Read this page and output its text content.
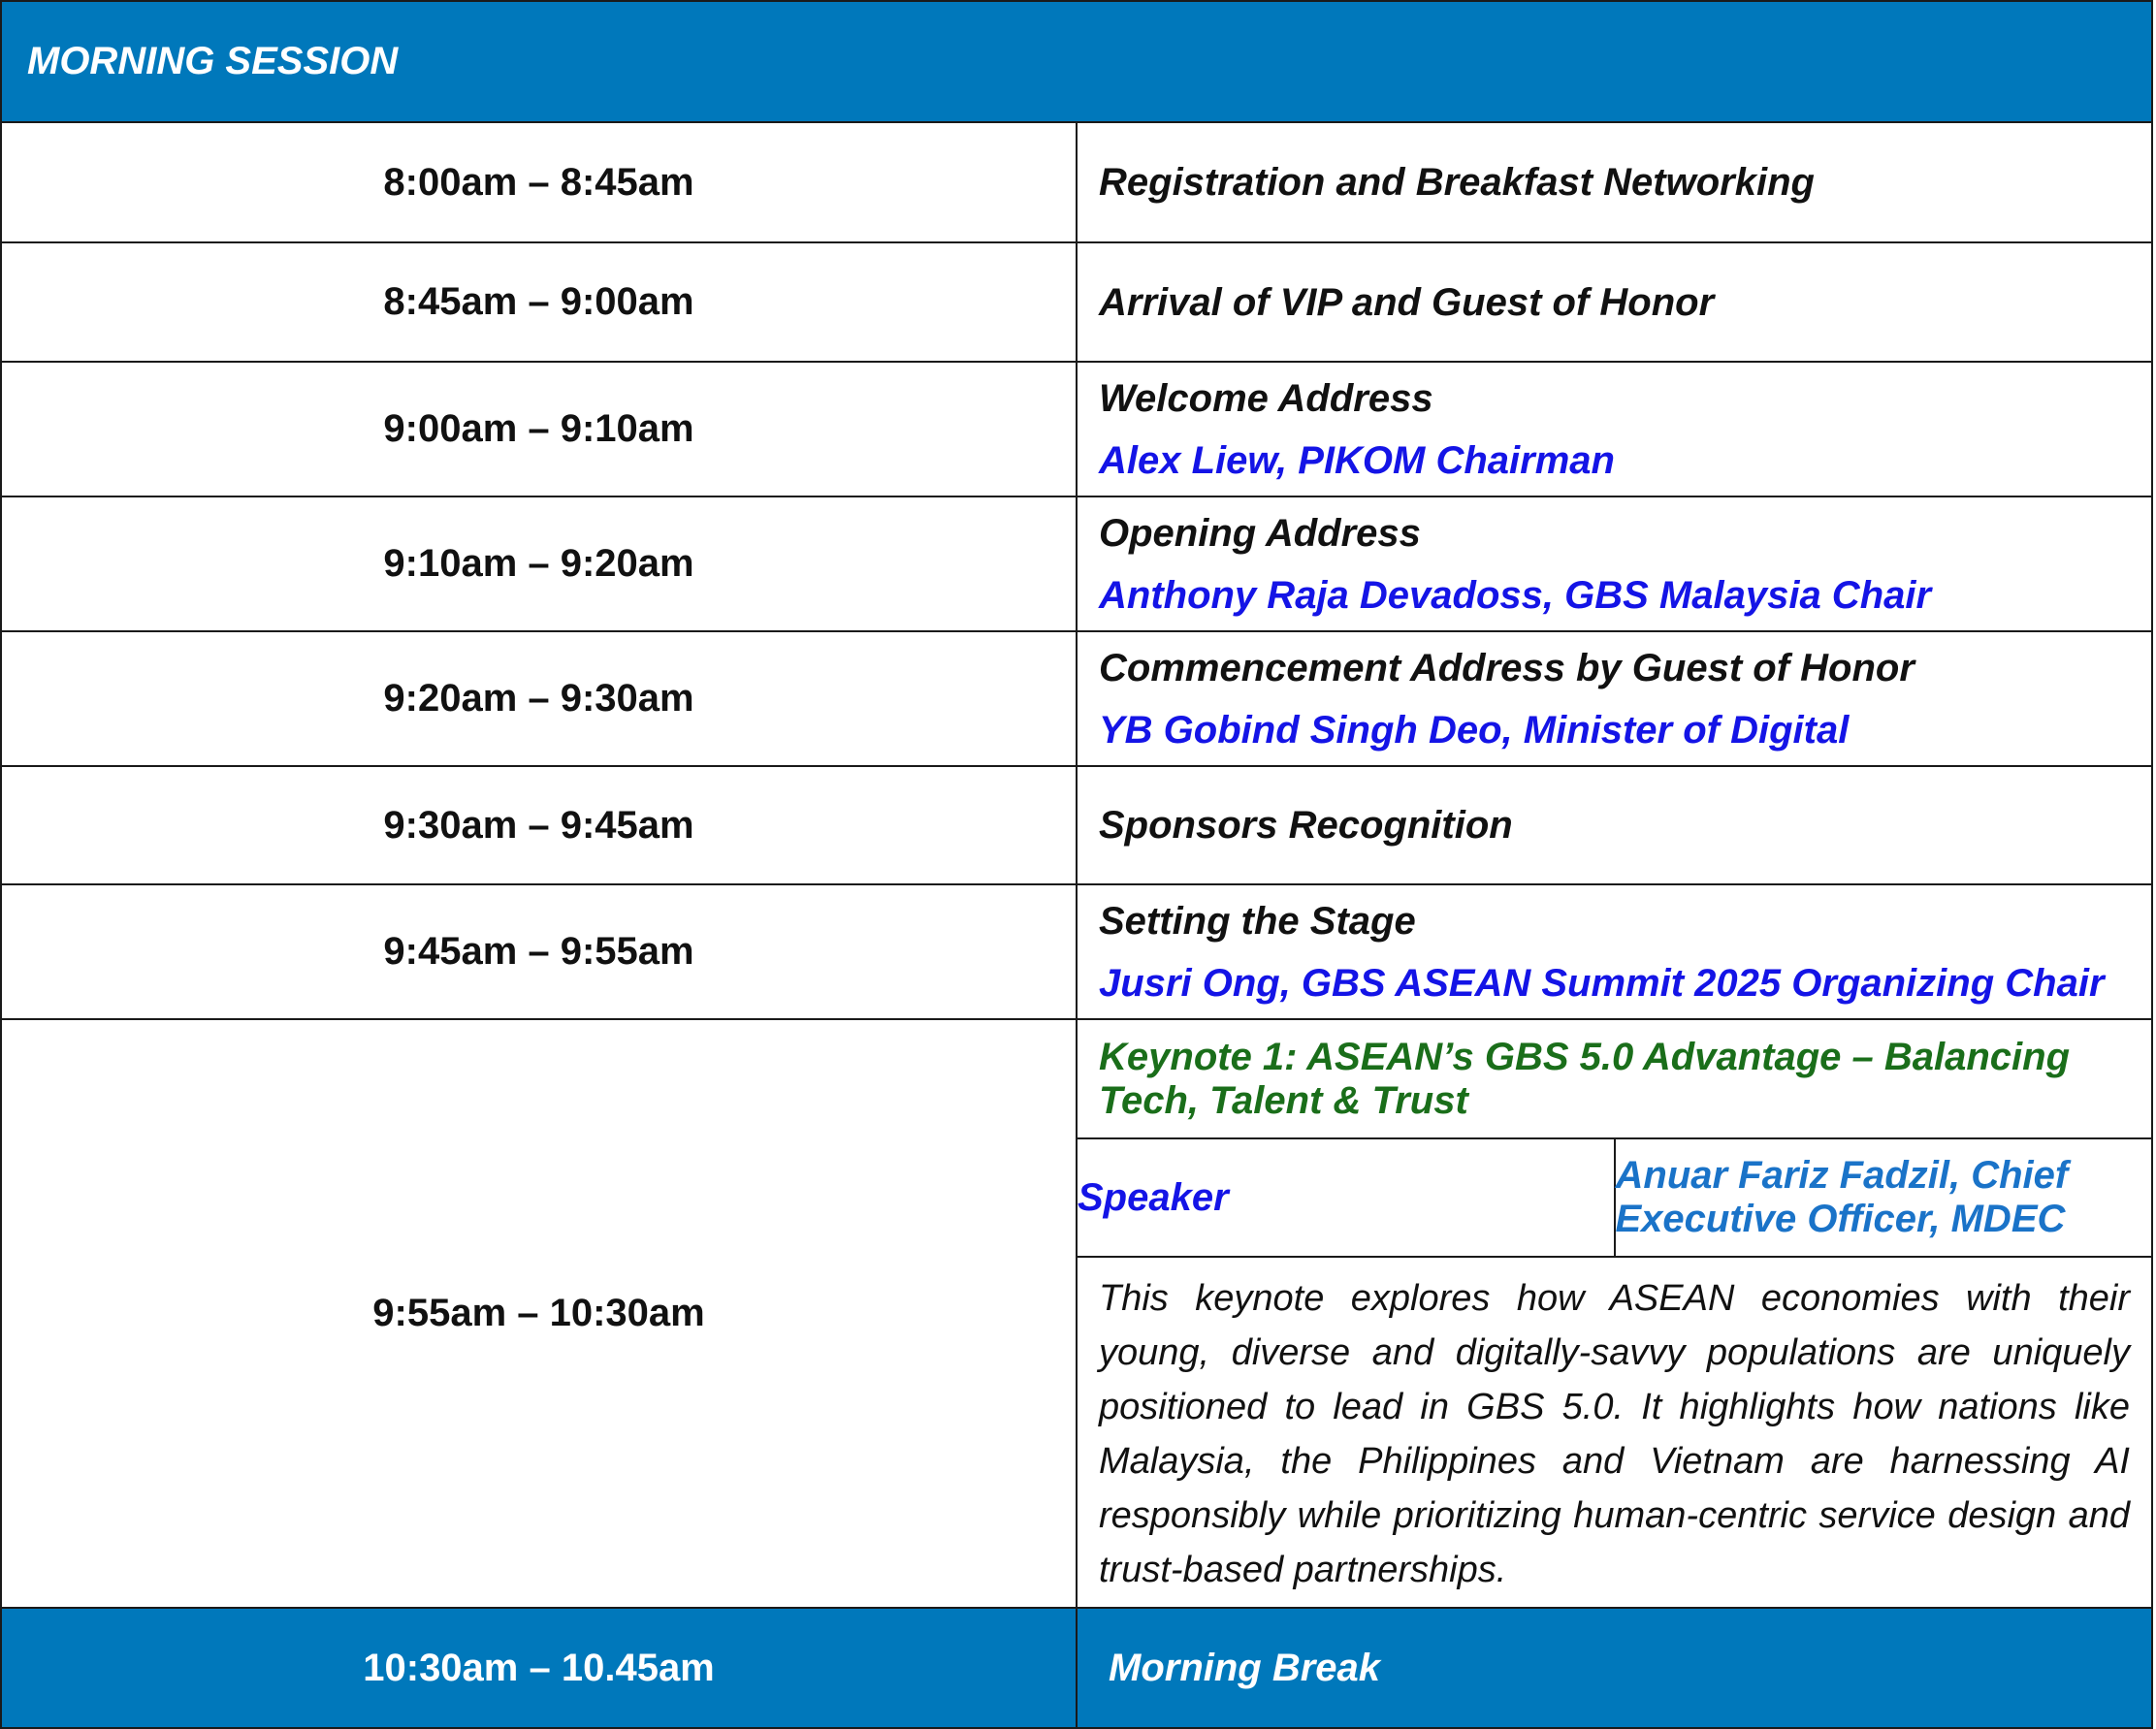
MORNING SESSION
8:00am – 8:45am	Registration and Breakfast Networking

8:45am – 9:00am	Arrival of VIP and Guest of Honor

9:00am – 9:10am	
Welcome Address
Alex Liew, PIKOM Chairman

9:10am – 9:20am	
Opening Address
Anthony Raja Devadoss, GBS Malaysia Chair

9:20am – 9:30am	
Commencement Address by Guest of Honor
YB Gobind Singh Deo, Minister of Digital

9:30am – 9:45am	Sponsors Recognition

9:45am – 9:55am	
Setting the Stage
Jusri Ong, GBS ASEAN Summit 2025 Organizing Chair

9:55am – 10:30am	
Keynote 1: ASEAN’s GBS 5.0 Advantage – Balancing Tech, Talent & Trust
Speaker	Anuar Fariz Fadzil, Chief Executive Officer, MDEC

This keynote explores how ASEAN economies with their young, diverse and digitally-savvy populations are uniquely positioned to lead in GBS 5.0. It highlights how nations like Malaysia, the Philippines and Vietnam are harnessing AI responsibly while prioritizing human-centric service design and trust-based partnerships.

10:30am – 10.45am	Morning Break
